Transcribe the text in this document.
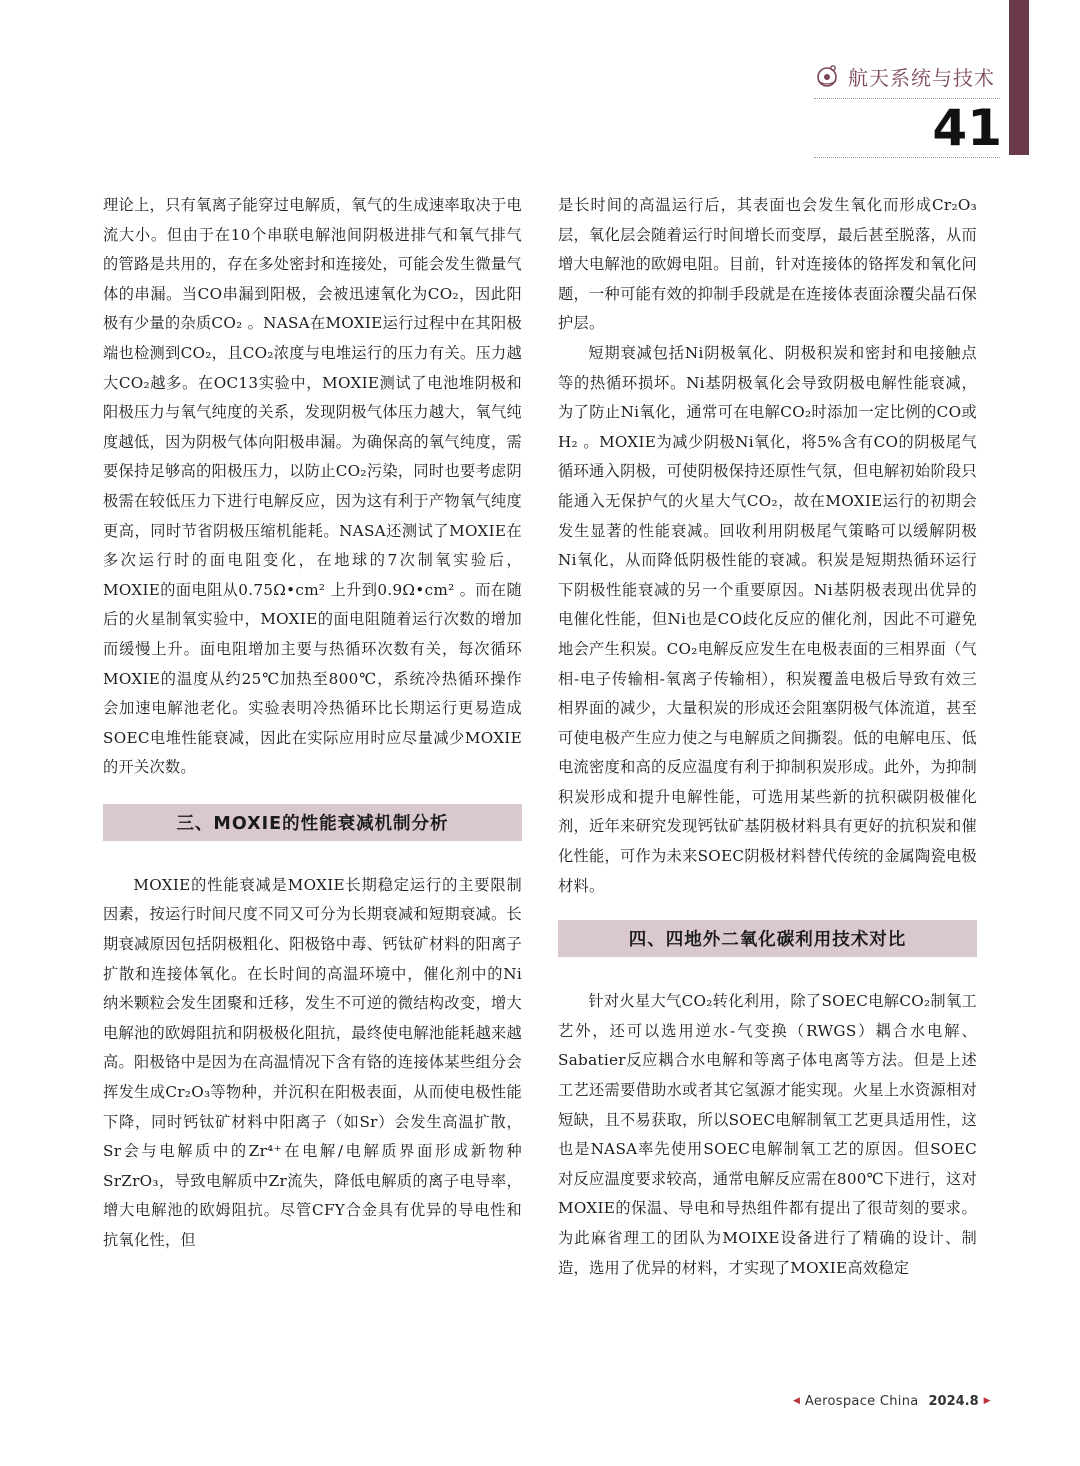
航天系统与技术
41

理论上，只有氧离子能穿过电解质，氧气的生成速率取决于电流大小。但由于在10个串联电解池间阴极进排气和氧气排气的管路是共用的，存在多处密封和连接处，可能会发生微量气体的串漏。当CO串漏到阳极，会被迅速氧化为CO₂，因此阳极有少量的杂质CO₂ 。NASA在MOXIE运行过程中在其阳极端也检测到CO₂，且CO₂浓度与电堆运行的压力有关。压力越大CO₂越多。在OC13实验中，MOXIE测试了电池堆阴极和阳极压力与氧气纯度的关系，发现阴极气体压力越大，氧气纯度越低，因为阴极气体向阳极串漏。为确保高的氧气纯度，需要保持足够高的阳极压力，以防止CO₂污染，同时也要考虑阴极需在较低压力下进行电解反应，因为这有利于产物氧气纯度更高，同时节省阴极压缩机能耗。NASA还测试了MOXIE在多次运行时的面电阻变化，在地球的7次制氧实验后，MOXIE的面电阻从0.75Ω•cm² 上升到0.9Ω•cm² 。而在随后的火星制氧实验中，MOXIE的面电阻随着运行次数的增加而缓慢上升。面电阻增加主要与热循环次数有关，每次循环MOXIE的温度从约25℃加热至800℃，系统冷热循环操作会加速电解池老化。实验表明冷热循环比长期运行更易造成SOEC电堆性能衰减，因此在实际应用时应尽量减少MOXIE的开关次数。

三、MOXIE的性能衰减机制分析

MOXIE的性能衰减是MOXIE长期稳定运行的主要限制因素，按运行时间尺度不同又可分为长期衰减和短期衰减。长期衰减原因包括阴极粗化、阳极铬中毒、钙钛矿材料的阳离子扩散和连接体氧化。在长时间的高温环境中，催化剂中的Ni纳米颗粒会发生团聚和迁移，发生不可逆的微结构改变，增大电解池的欧姆阻抗和阴极极化阻抗，最终使电解池能耗越来越高。阳极铬中是因为在高温情况下含有铬的连接体某些组分会挥发生成Cr₂O₃等物种，并沉积在阳极表面，从而使电极性能下降，同时钙钛矿材料中阳离子（如Sr）会发生高温扩散，Sr会与电解质中的Zr⁴⁺在电解/电解质界面形成新物种SrZrO₃，导致电解质中Zr流失，降低电解质的离子电导率，增大电解池的欧姆阻抗。尽管CFY合金具有优异的导电性和抗氧化性，但

是长时间的高温运行后，其表面也会发生氧化而形成Cr₂O₃层，氧化层会随着运行时间增长而变厚，最后甚至脱落，从而增大电解池的欧姆电阻。目前，针对连接体的铬挥发和氧化问题，一种可能有效的抑制手段就是在连接体表面涂覆尖晶石保护层。

短期衰减包括Ni阴极氧化、阴极积炭和密封和电接触点等的热循环损坏。Ni基阴极氧化会导致阴极电解性能衰减，为了防止Ni氧化，通常可在电解CO₂时添加一定比例的CO或H₂ 。MOXIE为减少阴极Ni氧化，将5%含有CO的阴极尾气循环通入阴极，可使阴极保持还原性气氛，但电解初始阶段只能通入无保护气的火星大气CO₂，故在MOXIE运行的初期会发生显著的性能衰减。回收利用阴极尾气策略可以缓解阴极Ni氧化，从而降低阴极性能的衰减。积炭是短期热循环运行下阴极性能衰减的另一个重要原因。Ni基阴极表现出优异的电催化性能，但Ni也是CO歧化反应的催化剂，因此不可避免地会产生积炭。CO₂电解反应发生在电极表面的三相界面（气相-电子传输相-氧离子传输相），积炭覆盖电极后导致有效三相界面的减少，大量积炭的形成还会阻塞阴极气体流道，甚至可使电极产生应力使之与电解质之间撕裂。低的电解电压、低电流密度和高的反应温度有利于抑制积炭形成。此外，为抑制积炭形成和提升电解性能，可选用某些新的抗积碳阴极催化剂，近年来研究发现钙钛矿基阴极材料具有更好的抗积炭和催化性能，可作为未来SOEC阴极材料替代传统的金属陶瓷电极材料。

四、四地外二氧化碳利用技术对比

针对火星大气CO₂转化利用，除了SOEC电解CO₂制氧工艺外，还可以选用逆水-气变换（RWGS）耦合水电解、Sabatier反应耦合水电解和等离子体电离等方法。但是上述工艺还需要借助水或者其它氢源才能实现。火星上水资源相对短缺，且不易获取，所以SOEC电解制氧工艺更具适用性，这也是NASA率先使用SOEC电解制氧工艺的原因。但SOEC对反应温度要求较高，通常电解反应需在800℃下进行，这对MOXIE的保温、导电和导热组件都有提出了很苛刻的要求。为此麻省理工的团队为MOIXE设备进行了精确的设计、制造，选用了优异的材料，才实现了MOXIE高效稳定

◀ Aerospace China 2024.8 ▶
